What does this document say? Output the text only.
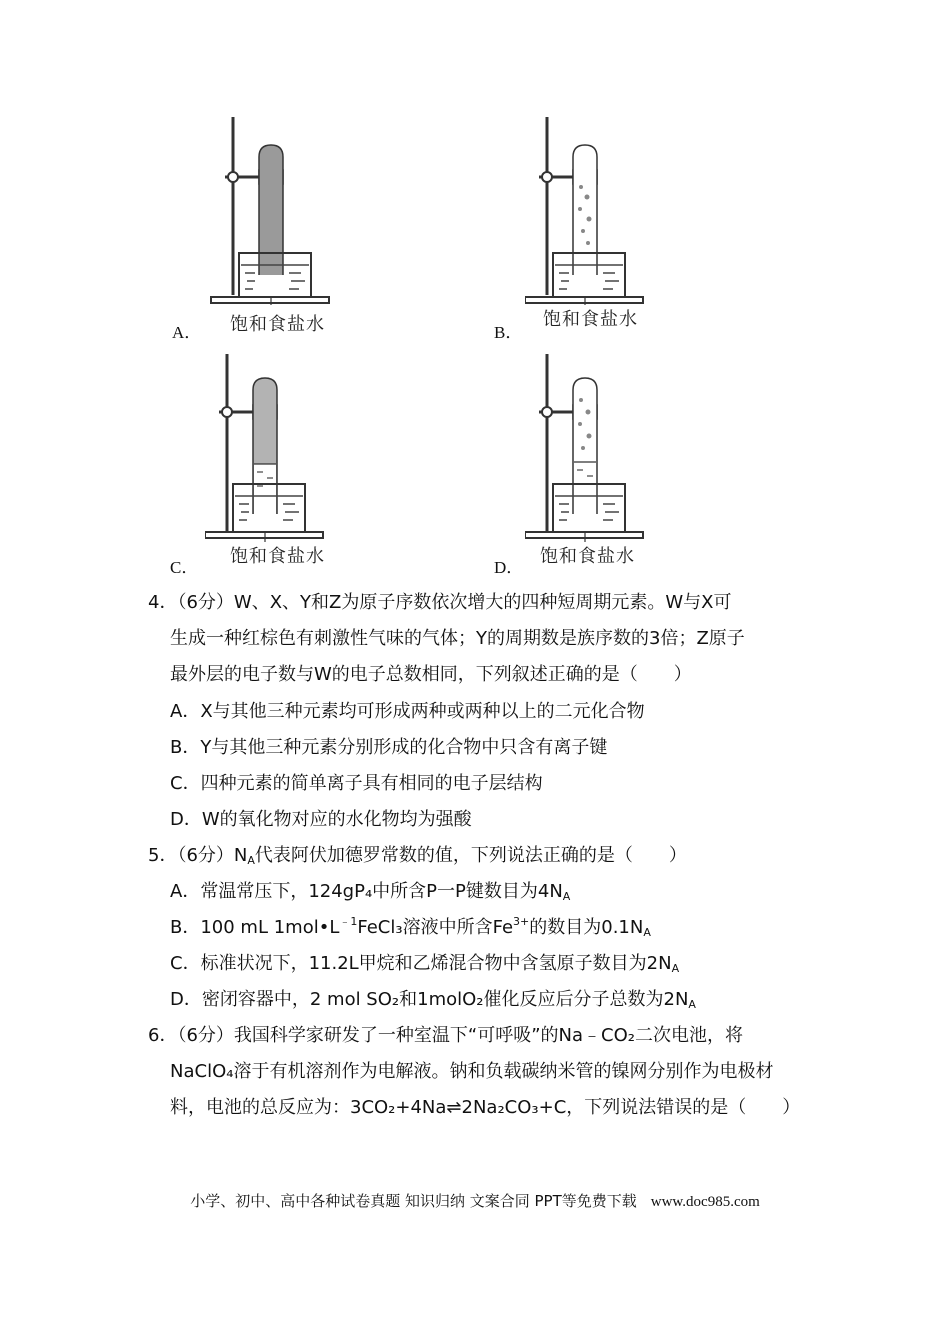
A． 饱和食盐水	B．
饱和食盐水
C．
饱和食盐水
D．
饱和食盐水
4．（6分）W、X、Y和Z为原子序数依次增大的四种短周期元素。W与X可
生成一种红棕色有刺激性气味的气体；Y的周期数是族序数的3倍；Z原子
最外层的电子数与W的电子总数相同，下列叙述正确的是（　　）
A．X与其他三种元素均可形成两种或两种以上的二元化合物
B．Y与其他三种元素分别形成的化合物中只含有离子键
C．四种元素的简单离子具有相同的电子层结构
D．W的氧化物对应的水化物均为强酸
5．（6分）NA代表阿伏加德罗常数的值，下列说法正确的是（　　）
A．常温常压下，124gP₄中所含P一P键数目为4NA
B．100 mL $1mol•L^{﹣1}FeCl_3$溶液中所含$Fe^{3+}$的数目为0.1NA
C．标准状况下，11.2L甲烷和乙烯混合物中含氢原子数目为2NA
D．密闭容器中，2 mol SO₂和1molO₂催化反应后分子总数为2NA
6．（6分）我国科学家研发了一种室温下“可呼吸”的Na﹣CO₂二次电池，将
NaClO₄溶于有机溶剂作为电解液。钠和负载碳纳米管的镍网分别作为电极材
料，电池的总反应为：3CO₂+4Na⇌2Na₂CO₃+C，下列说法错误的是（　　）
小学、初中、高中各种试卷真题 知识归纳 文案合同 PPT等免费下载 www.doc985.com
